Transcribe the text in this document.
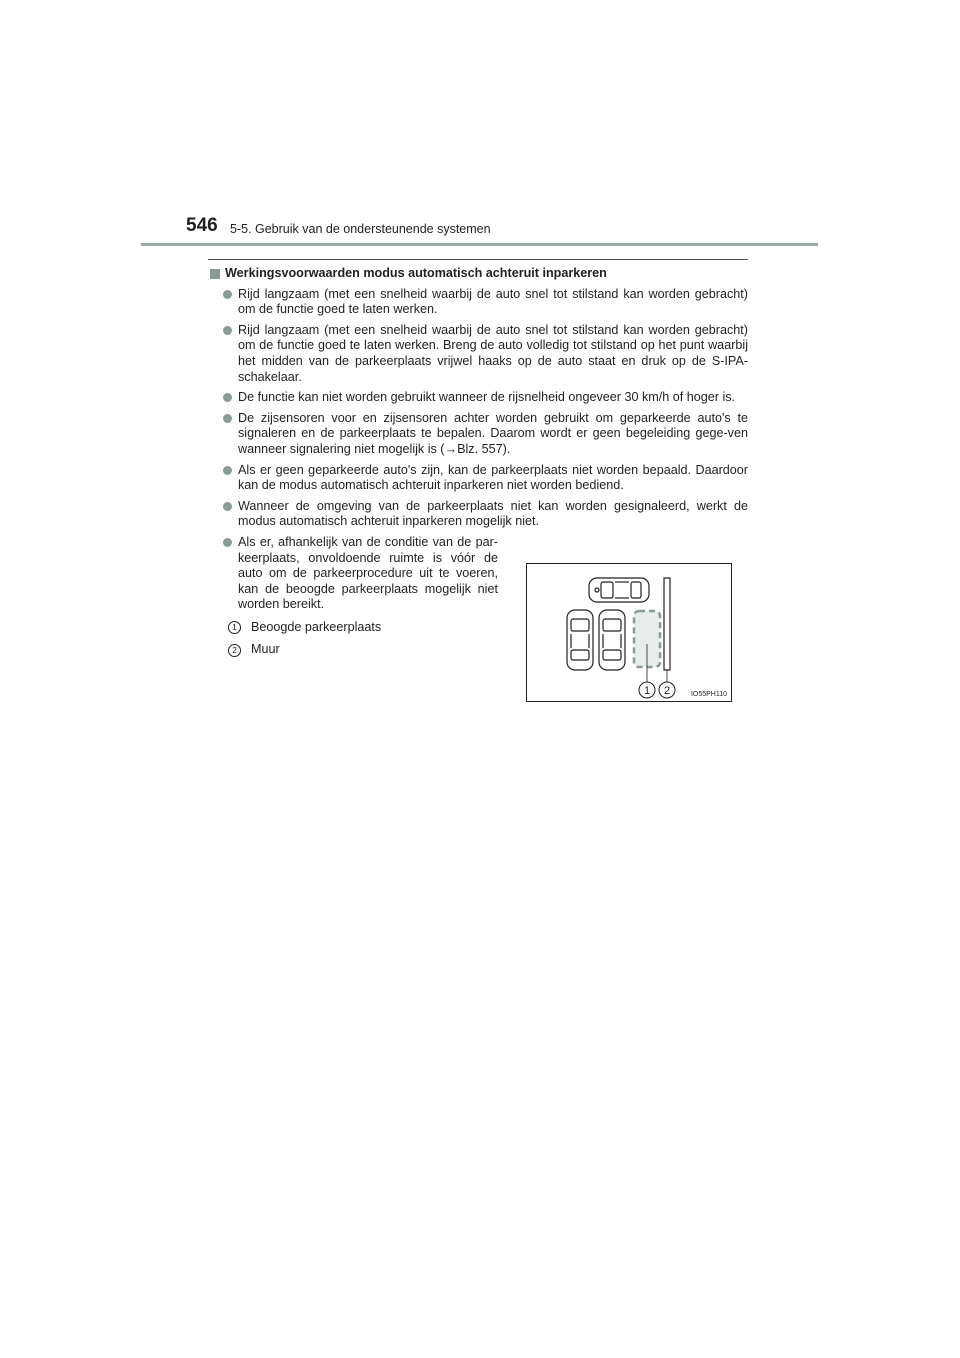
546 5-5. Gebruik van de ondersteunende systemen
Werkingsvoorwaarden modus automatisch achteruit inparkeren
Rijd langzaam (met een snelheid waarbij de auto snel tot stilstand kan worden gebracht) om de functie goed te laten werken.
Rijd langzaam (met een snelheid waarbij de auto snel tot stilstand kan worden gebracht) om de functie goed te laten werken. Breng de auto volledig tot stilstand op het punt waarbij het midden van de parkeerplaats vrijwel haaks op de auto staat en druk op de S-IPA-schakelaar.
De functie kan niet worden gebruikt wanneer de rijsnelheid ongeveer 30 km/h of hoger is.
De zijsensoren voor en zijsensoren achter worden gebruikt om geparkeerde auto's te signaleren en de parkeerplaats te bepalen. Daarom wordt er geen begeleiding gege-ven wanneer signalering niet mogelijk is (→Blz. 557).
Als er geen geparkeerde auto's zijn, kan de parkeerplaats niet worden bepaald. Daardoor kan de modus automatisch achteruit inparkeren niet worden bediend.
Wanneer de omgeving van de parkeerplaats niet kan worden gesignaleerd, werkt de modus automatisch achteruit inparkeren mogelijk niet.
Als er, afhankelijk van de conditie van de par-keerplaats, onvoldoende ruimte is vóór de auto om de parkeerprocedure uit te voeren, kan de beoogde parkeerplaats mogelijk niet worden bereikt.
1	Beoogde parkeerplaats
2	Muur
1 2	IO55PH110
